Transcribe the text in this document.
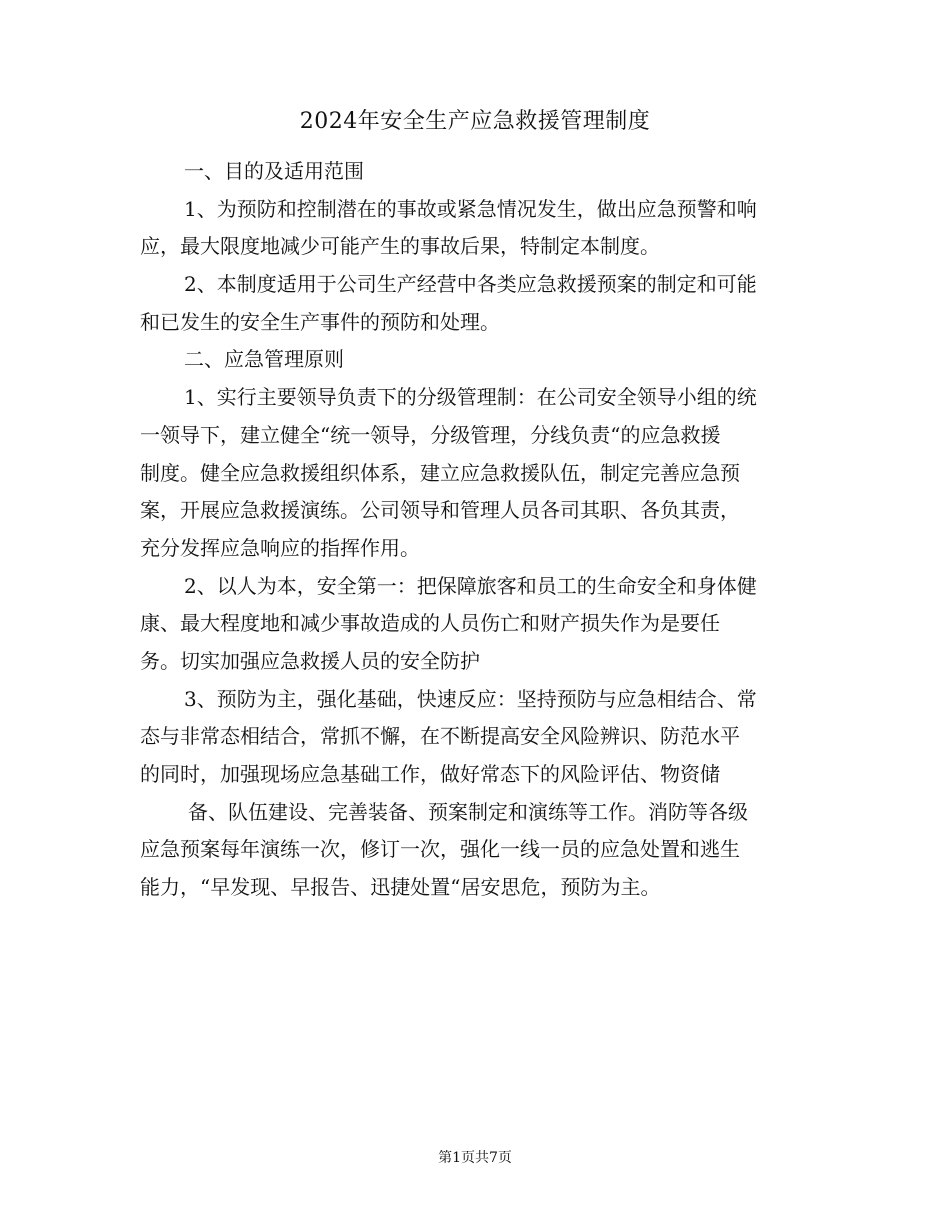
2024年安全生产应急救援管理制度
一、目的及适用范围
1、为预防和控制潜在的事故或紧急情况发生，做出应急预警和响
应，最大限度地减少可能产生的事故后果，特制定本制度。
2、本制度适用于公司生产经营中各类应急救援预案的制定和可能
和已发生的安全生产事件的预防和处理。
二、应急管理原则
1、实行主要领导负责下的分级管理制：在公司安全领导小组的统
一领导下，建立健全“统一领导，分级管理，分线负责“的应急救援
制度。健全应急救援组织体系，建立应急救援队伍，制定完善应急预
案，开展应急救援演练。公司领导和管理人员各司其职、各负其责，
充分发挥应急响应的指挥作用。
2、以人为本，安全第一：把保障旅客和员工的生命安全和身体健
康、最大程度地和减少事故造成的人员伤亡和财产损失作为是要任
务。切实加强应急救援人员的安全防护
3、预防为主，强化基础，快速反应：坚持预防与应急相结合、常
态与非常态相结合，常抓不懈，在不断提高安全风险辨识、防范水平
的同时，加强现场应急基础工作，做好常态下的风险评估、物资储
备、队伍建设、完善装备、预案制定和演练等工作。消防等各级
应急预案每年演练一次，修订一次，强化一线一员的应急处置和逃生
能力，“早发现、早报告、迅捷处置“居安思危，预防为主。
第1页共7页
